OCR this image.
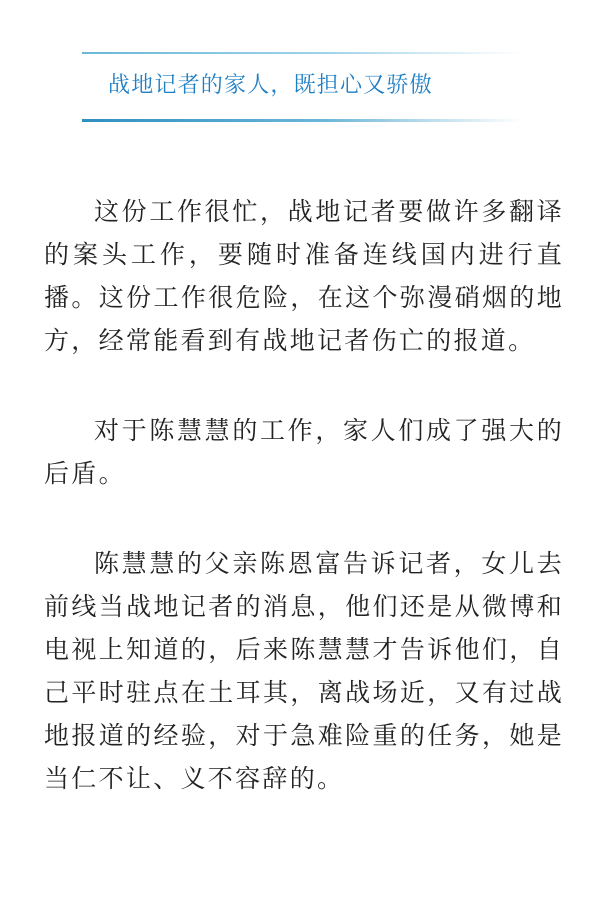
战地记者的家人，既担心又骄傲

这份工作很忙，战地记者要做许多翻译的案头工作，要随时准备连线国内进行直播。这份工作很危险，在这个弥漫硝烟的地方，经常能看到有战地记者伤亡的报道。

对于陈慧慧的工作，家人们成了强大的后盾。

陈慧慧的父亲陈恩富告诉记者，女儿去前线当战地记者的消息，他们还是从微博和电视上知道的，后来陈慧慧才告诉他们，自己平时驻点在土耳其，离战场近，又有过战地报道的经验，对于急难险重的任务，她是当仁不让、义不容辞的。
